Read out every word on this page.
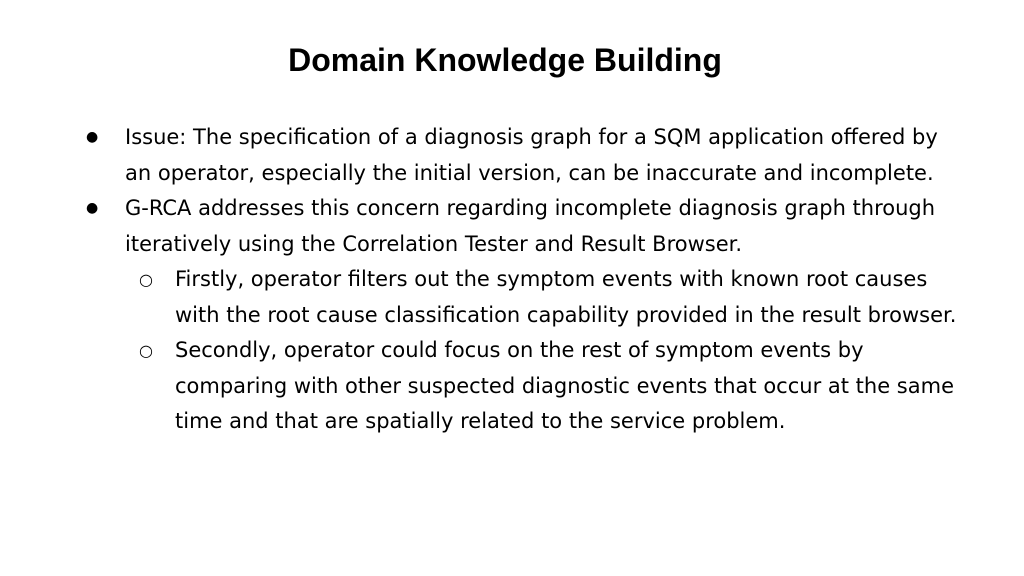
Domain Knowledge Building
● Issue: The specification of a diagnosis graph for a SQM application offered by an operator, especially the initial version, can be inaccurate and incomplete.
● G-RCA addresses this concern regarding incomplete diagnosis graph through iteratively using the Correlation Tester and Result Browser.
○ Firstly, operator filters out the symptom events with known root causes with the root cause classification capability provided in the result browser.
○ Secondly, operator could focus on the rest of symptom events by comparing with other suspected diagnostic events that occur at the same time and that are spatially related to the service problem.
